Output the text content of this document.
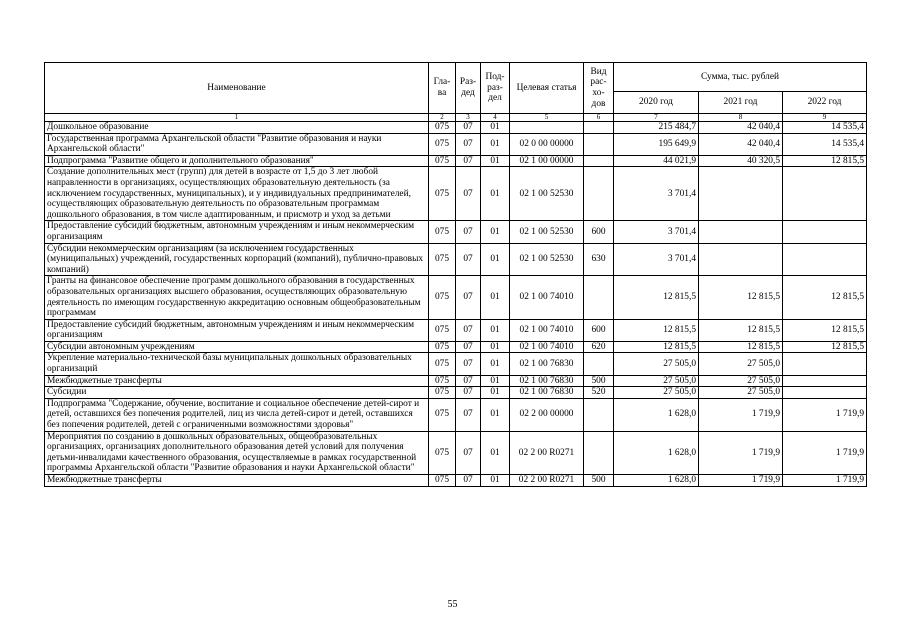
Наименование	Гла-ва	Раз-дед	Под-раз-дел	Целевая статья	Вид рас-хо-дов	Сумма, тыс. рублей		
						2020 год	2021 год	2022 год
1	2	3	4	5	6	7	8	9
Дошкольное образование	075	07	01			215 484,7	42 040,4	14 535,4
Государственная программа Архангельской области "Развитие образования и науки Архангельской области"	075	07	01	02 0 00 00000		195 649,9	42 040,4	14 535,4
Подпрограмма "Развитие общего и дополнительного образования"	075	07	01	02 1 00 00000		44 021,9	40 320,5	12 815,5
Создание дополнительных мест (групп) для детей в возрасте от 1,5 до 3 лет любой направленности в организациях, осуществляющих образовательную деятельность (за исключением государственных, муниципальных), и у индивидуальных предпринимателей, осуществляющих образовательную деятельность по образовательным программам дошкольного образования, в том числе адаптированным, и присмотр и уход за детьми	075	07	01	02 1 00 52530		3 701,4		
Предоставление субсидий бюджетным, автономным учреждениям и иным некоммерческим организациям	075	07	01	02 1 00 52530	600	3 701,4		
Субсидии некоммерческим организациям (за исключением государственных (муниципальных) учреждений, государственных корпораций (компаний), публично-правовых компаний)	075	07	01	02 1 00 52530	630	3 701,4		
Гранты на финансовое обеспечение программ дошкольного образования в государственных образовательных организациях высшего образования, осуществляющих образовательную деятельность по имеющим государственную аккредитацию основным общеобразовательным программам	075	07	01	02 1 00 74010		12 815,5	12 815,5	12 815,5
Предоставление субсидий бюджетным, автономным учреждениям и иным некоммерческим организациям	075	07	01	02 1 00 74010	600	12 815,5	12 815,5	12 815,5
Субсидии автономным учреждениям	075	07	01	02 1 00 74010	620	12 815,5	12 815,5	12 815,5
Укрепление материально-технической базы муниципальных дошкольных образовательных организаций	075	07	01	02 1 00 76830		27 505,0	27 505,0	
Межбюджетные трансферты	075	07	01	02 1 00 76830	500	27 505,0	27 505,0	
Субсидии	075	07	01	02 1 00 76830	520	27 505,0	27 505,0	
Подпрограмма "Содержание, обучение, воспитание и социальное обеспечение детей-сирот и детей, оставшихся без попечения родителей, лиц из числа детей-сирот и детей, оставшихся без попечения родителей, детей с ограниченными возможностями здоровья"	075	07	01	02 2 00 00000		1 628,0	1 719,9	1 719,9
Мероприятия по созданию в дошкольных образовательных, общеобразовательных организациях, организациях дополнительного образования детей условий для получения детьми-инвалидами качественного образования, осуществляемые в рамках государственной программы Архангельской области "Развитие образования и науки Архангельской области"	075	07	01	02 2 00 R0271		1 628,0	1 719,9	1 719,9
Межбюджетные трансферты	075	07	01	02 2 00 R0271	500	1 628,0	1 719,9	1 719,9
55
